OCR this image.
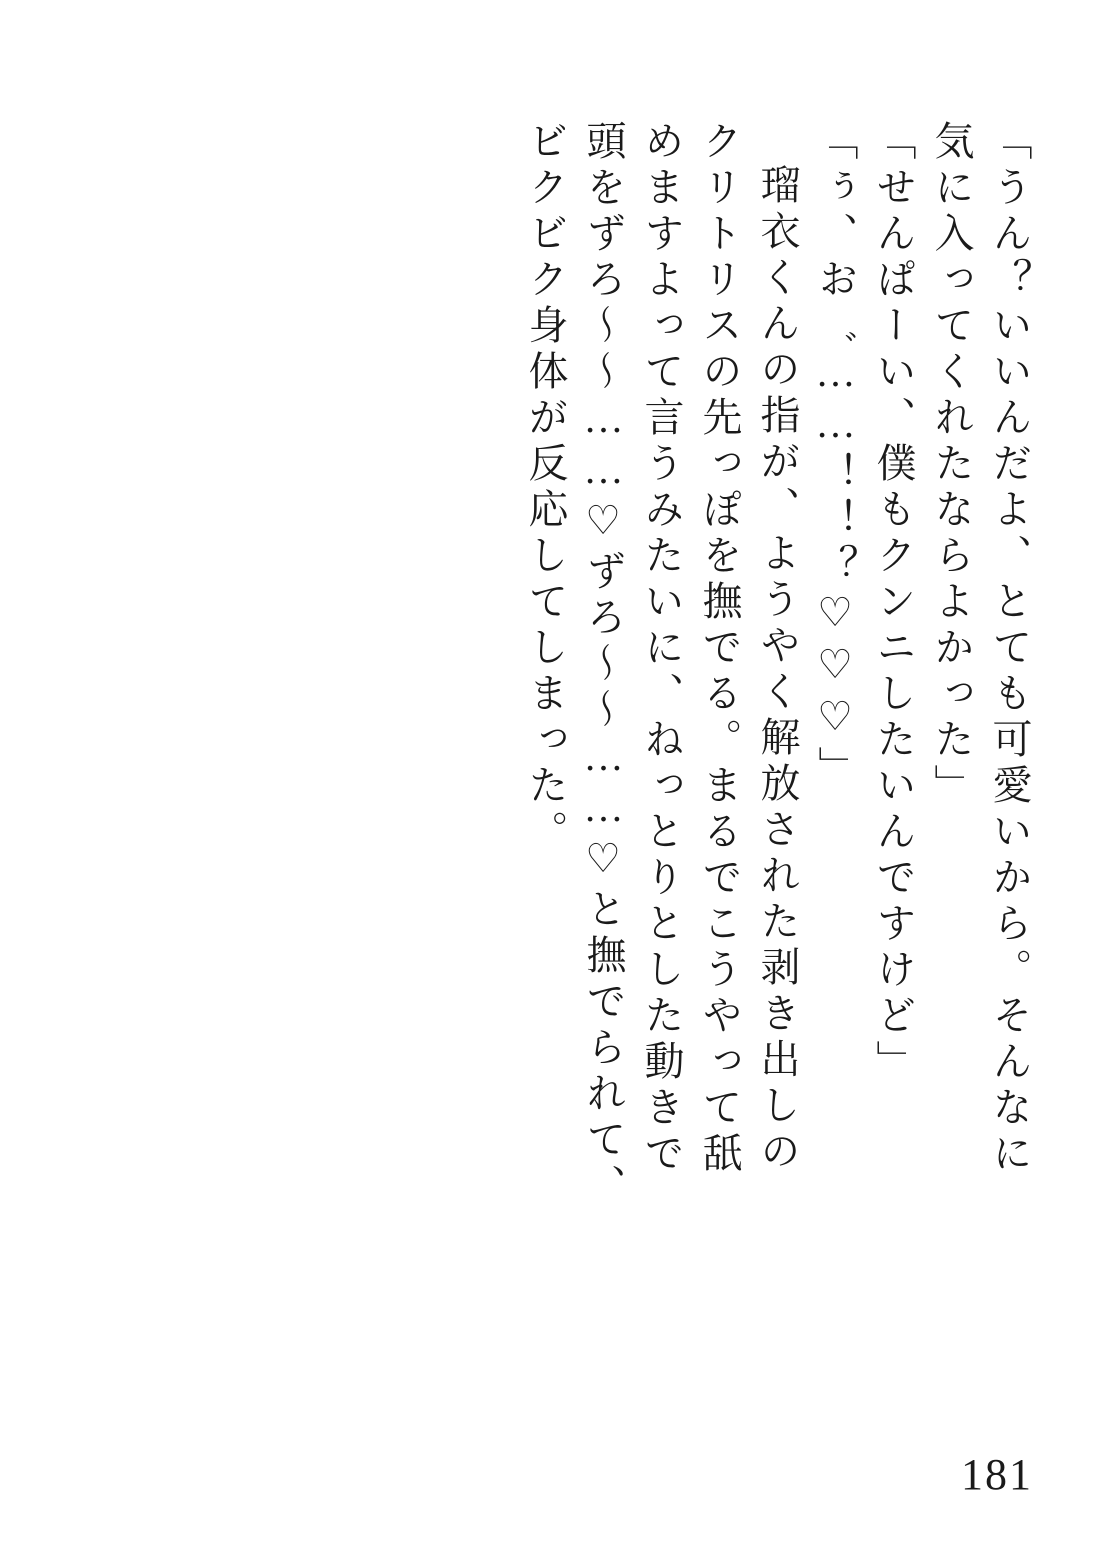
ビクビク身体が反応してしまった。 頭をずろ～～……♡ずろ～～……♡と撫でられて、 めますよって言うみたいに、ねっとりとした動きで クリトリスの先っぽを撫でる。まるでこうやって舐 瑠衣くんの指が、ようやく解放された剥き出しの 「ぅ、お゛……！！？♡♡♡」 「せんぱーい、僕もクンニしたいんですけど」 気に入ってくれたならよかった」 「うん？いいんだよ、とても可愛いから。そんなに
181
